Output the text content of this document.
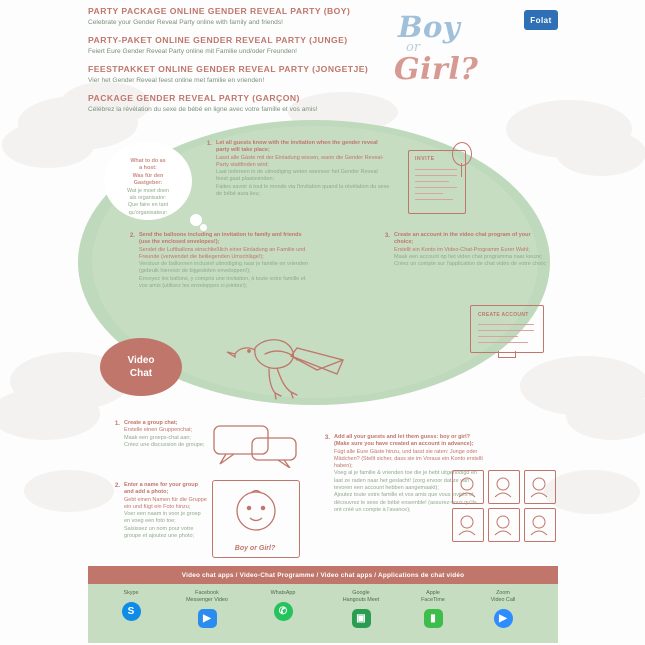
PARTY PACKAGE ONLINE GENDER REVEAL PARTY (BOY)
Celebrate your Gender Reveal Party online with family and friends!
PARTY-PAKET ONLINE GENDER REVEAL PARTY (JUNGE)
Feiert Eure Gender Reveal Party online mit Familie und/oder Freunden!
FEESTPAKKET ONLINE GENDER REVEAL PARTY (JONGETJE)
Vier het Gender Reveal feest online met familie en vrienden!
PACKAGE GENDER REVEAL PARTY (GARÇON)
Célébrez la révélation du sexe de bébé en ligne avec votre famille et vos amis!
Boy
or
Girl?
Folat
What to do as
a host:
Was für den
Gastgeber:
Wat je moet doen
als organisator:
Que faire en tant
qu'organisateur:
1. Let all guests know with the invitation when the gender reveal party will take place;
Lasst alle Gäste mit der Einladung wissen, wann die Gender Reveal-Party stattfinden wird;
Laat iedereen in de uitnodiging weten wanneer het Gender Reveal feest gaat plaatsvinden;
Faites savoir à tout le monde via l'invitation quand la révélation du sexe de bébé aura lieu;
INVITE
2. Send the balloons including an invitation to family and friends (use the enclosed envelopes!);
Sendet die Luftballons einschließlich einer Einladung an Familie und Freunde (verwendet die beiliegenden Umschläge!);
Verstuur de ballonnen inclusief uitnodiging naar je familie en vrienden (gebruik hiervoor de bijgesloten enveloppen!);
Envoyez les ballons, y compris une invitation, à toute votre famille et vos amis (utilisez les enveloppes ci-jointes!);
3. Create an account in the video chat program of your choice;
Erstellt ein Konto im Video-Chat-Programm Eurer Wahl;
Maak een account op het video chat programma naar keuze;
Créez un compte sur l'application de chat vidéo de votre choix;
CREATE ACCOUNT
Video
Chat
1. Create a group chat;
Erstelle einen Gruppenchat;
Maak een groeps-chat aan;
Créez une discussion de groupe;
2. Enter a name for your group and add a photo;
Gebt einen Namen für die Gruppe ein und fügt ein Foto hinzu;
Voer een naam in voor je groep en voeg een foto toe;
Saisissez un nom pour votre groupe et ajoutez une photo;
Boy or Girl?
3. Add all your guests and let them guess: boy or girl? (Make sure you have created an account in advance);
Fügt alle Eure Gäste hinzu, und lasst sie raten: Junge oder Mädchen? (Stellt sicher, dass sie im Voraus ein Konto erstellt haben);
Voeg al je familie & vrienden toe die je hebt uitgenodigd en laat ze raden naar het geslacht! (zorg ervoor dat ze van tevoren een account hebben aangemaakt);
Ajoutez toute votre famille et vos amis que vous invités et découvrez le sexe de bébé ensemble! (assurez-vous qu'ils ont créé un compte à l'avance);
Video chat apps / Video-Chat Programme / Video chat apps / Applications de chat vidéo
Skype
S
Facebook
Messenger Video
▶
WhatsApp
✆
Google
Hangouts Meet
▣
Apple
FaceTime
▮
Zoom
Video Call
▶
